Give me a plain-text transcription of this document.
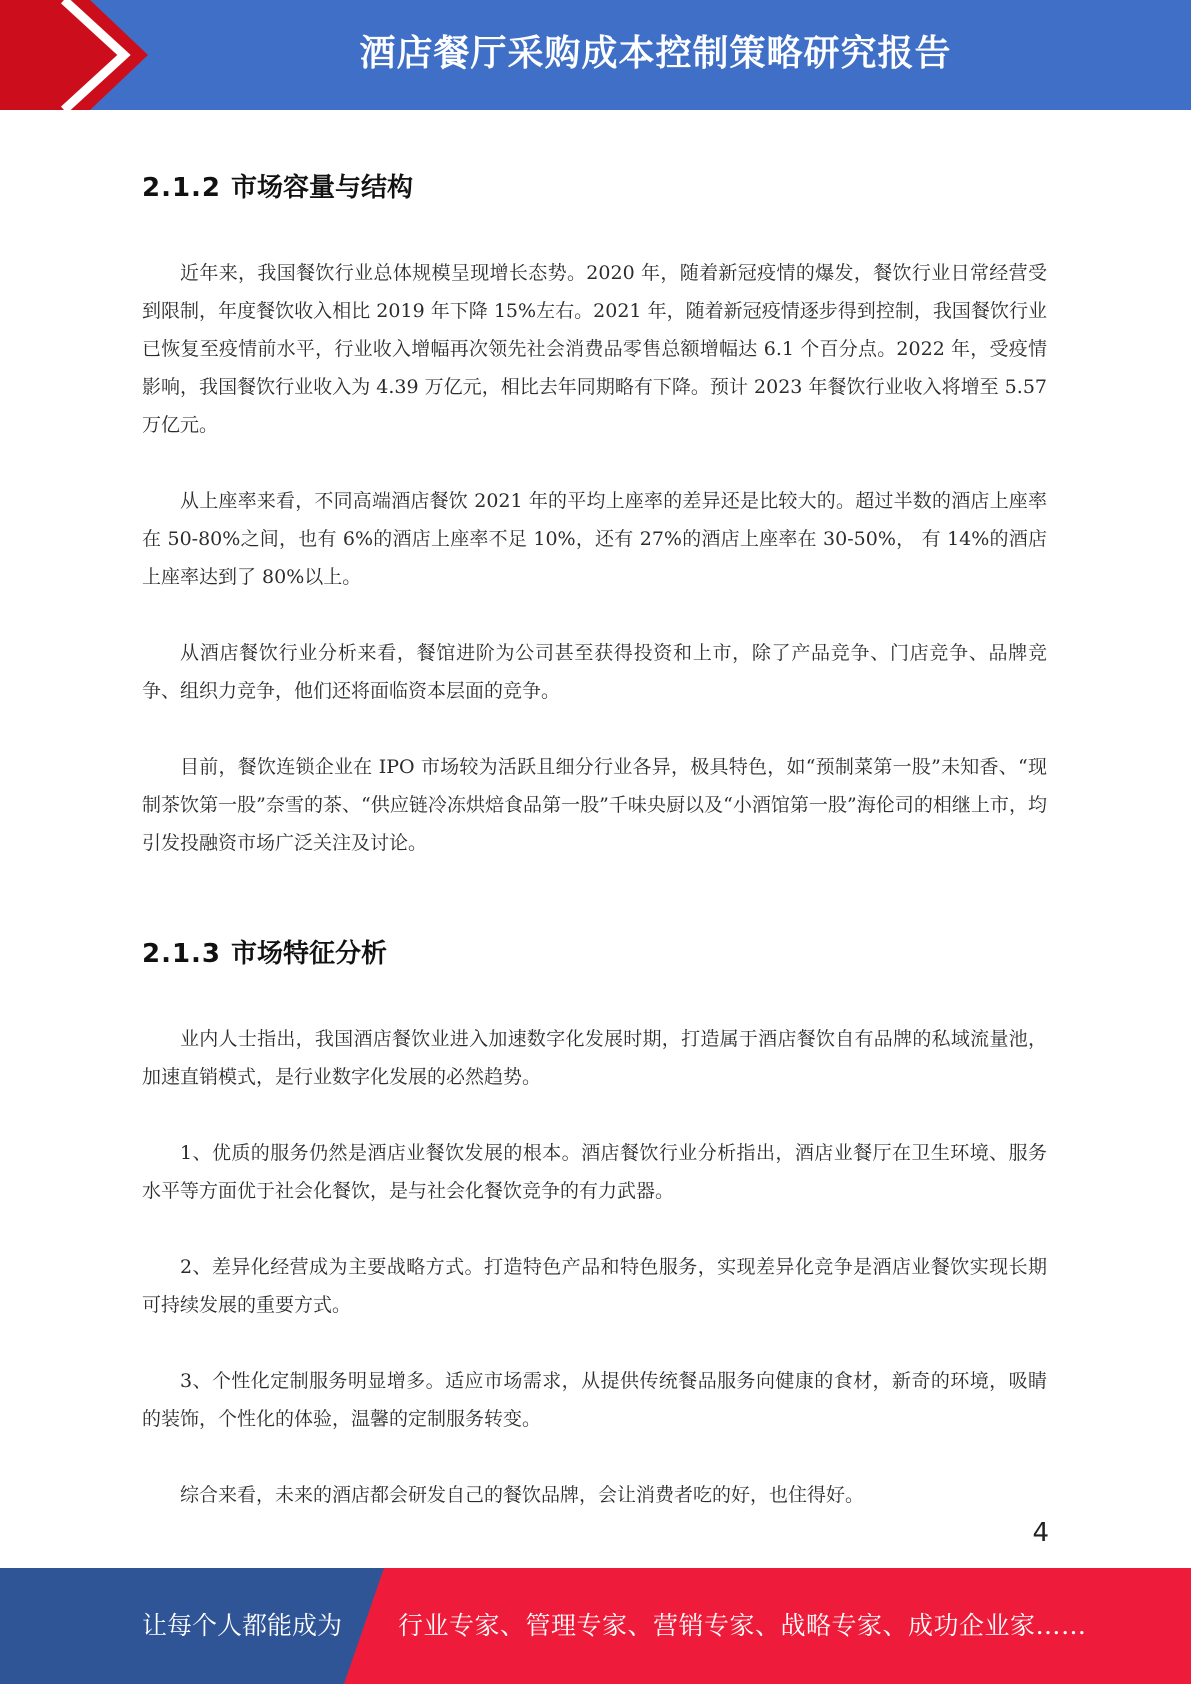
酒店餐厅采购成本控制策略研究报告
2.1.2 市场容量与结构

近年来，我国餐饮行业总体规模呈现增长态势。2020 年，随着新冠疫情的爆发，餐饮行业日常经营受到限制，年度餐饮收入相比 2019 年下降 15%左右。2021 年，随着新冠疫情逐步得到控制，我国餐饮行业已恢复至疫情前水平，行业收入增幅再次领先社会消费品零售总额增幅达 6.1 个百分点。2022 年，受疫情影响，我国餐饮行业收入为 4.39 万亿元，相比去年同期略有下降。预计 2023 年餐饮行业收入将增至 5.57 万亿元。

从上座率来看，不同高端酒店餐饮 2021 年的平均上座率的差异还是比较大的。超过半数的酒店上座率在 50-80%之间，也有 6%的酒店上座率不足 10%，还有 27%的酒店上座率在 30-50%， 有 14%的酒店上座率达到了 80%以上。

从酒店餐饮行业分析来看，餐馆进阶为公司甚至获得投资和上市，除了产品竞争、门店竞争、品牌竞争、组织力竞争，他们还将面临资本层面的竞争。

目前，餐饮连锁企业在 IPO 市场较为活跃且细分行业各异，极具特色，如“预制菜第一股”未知香、“现制茶饮第一股”奈雪的茶、“供应链冷冻烘焙食品第一股”千味央厨以及“小酒馆第一股”海伦司的相继上市，均引发投融资市场广泛关注及讨论。

2.1.3 市场特征分析

业内人士指出，我国酒店餐饮业进入加速数字化发展时期，打造属于酒店餐饮自有品牌的私域流量池，加速直销模式，是行业数字化发展的必然趋势。

1、优质的服务仍然是酒店业餐饮发展的根本。酒店餐饮行业分析指出，酒店业餐厅在卫生环境、服务水平等方面优于社会化餐饮，是与社会化餐饮竞争的有力武器。

2、差异化经营成为主要战略方式。打造特色产品和特色服务，实现差异化竞争是酒店业餐饮实现长期可持续发展的重要方式。

3、个性化定制服务明显增多。适应市场需求，从提供传统餐品服务向健康的食材，新奇的环境，吸睛的装饰，个性化的体验，温馨的定制服务转变。

综合来看，未来的酒店都会研发自己的餐饮品牌，会让消费者吃的好，也住得好。

4
让每个人都能成为 行业专家、管理专家、营销专家、战略专家、成功企业家……
